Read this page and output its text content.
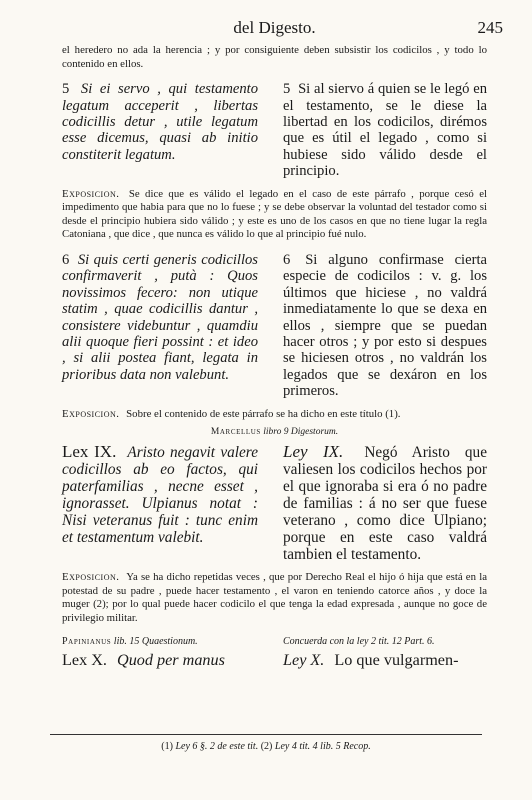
del Digesto.	245

el heredero no ada la herencia ; y por consiguiente deben subsistir los codicilos , y todo lo contenido en ellos.

5 Si ei servo , qui testamento legatum acceperit , libertas codicillis detur , utile legatum esse dicemus, quasi ab initio constiterit legatum.
5 Si al siervo á quien se le legó en el testamento, se le diese la libertad en los codicilos, dirémos que es útil el legado , como si hubiese sido válido desde el principio.

Exposicion. Se dice que es válido el legado en el caso de este párrafo , porque cesó el impedimento que habia para que no lo fuese ; y se debe observar la voluntad del testador como si desde el principio hubiera sido válido ; y este es uno de los casos en que no tiene lugar la regla Catoniana , que dice , que nunca es válido lo que al principio fué nulo.

6 Si quis certi generis codicillos confirmaverit , putà : Quos novissimos fecero: non utique statim , quae codicillis dantur , consistere videbuntur , quamdiu alii quoque fieri possint : et ideo , si alii postea fiant, legata in prioribus data non valebunt.
6 Si alguno confirmase cierta especie de codicilos : v. g. los últimos que hiciese , no valdrá inmediatamente lo que se dexa en ellos , siempre que se puedan hacer otros ; y por esto si despues se hiciesen otros , no valdrán los legados que se dexáron en los primeros.

Exposicion. Sobre el contenido de este párrafo se ha dicho en este título (1).

Marcellus libro 9 Digestorum.
Lex IX. Aristo negavit valere codicillos ab eo factos, qui paterfamilias , necne esset , ignorasset. Ulpianus notat : Nisi veteranus fuit : tunc enim et testamentum valebit.
Ley IX. Negó Aristo que valiesen los codicilos hechos por el que ignoraba si era ó no padre de familias : á no ser que fuese veterano , como dice Ulpiano; porque en este caso valdrá tambien el testamento.

Exposicion. Ya se ha dicho repetidas veces , que por Derecho Real el hijo ó hija que está en la potestad de su padre , puede hacer testamento , el varon en teniendo catorce años , y doce la muger (2); por lo qual puede hacer codicilo el que tenga la edad expresada , aunque no goce de privilegio militar.

Papinianus lib. 15 Quaestionum.	Concuerda con la ley 2 tit. 12 Part. 6.
Lex X. Quod per manus	Ley X. Lo que vulgarmen-
(1) Ley 6 §. 2 de este tit. (2) Ley 4 tit. 4 lib. 5 Recop.
